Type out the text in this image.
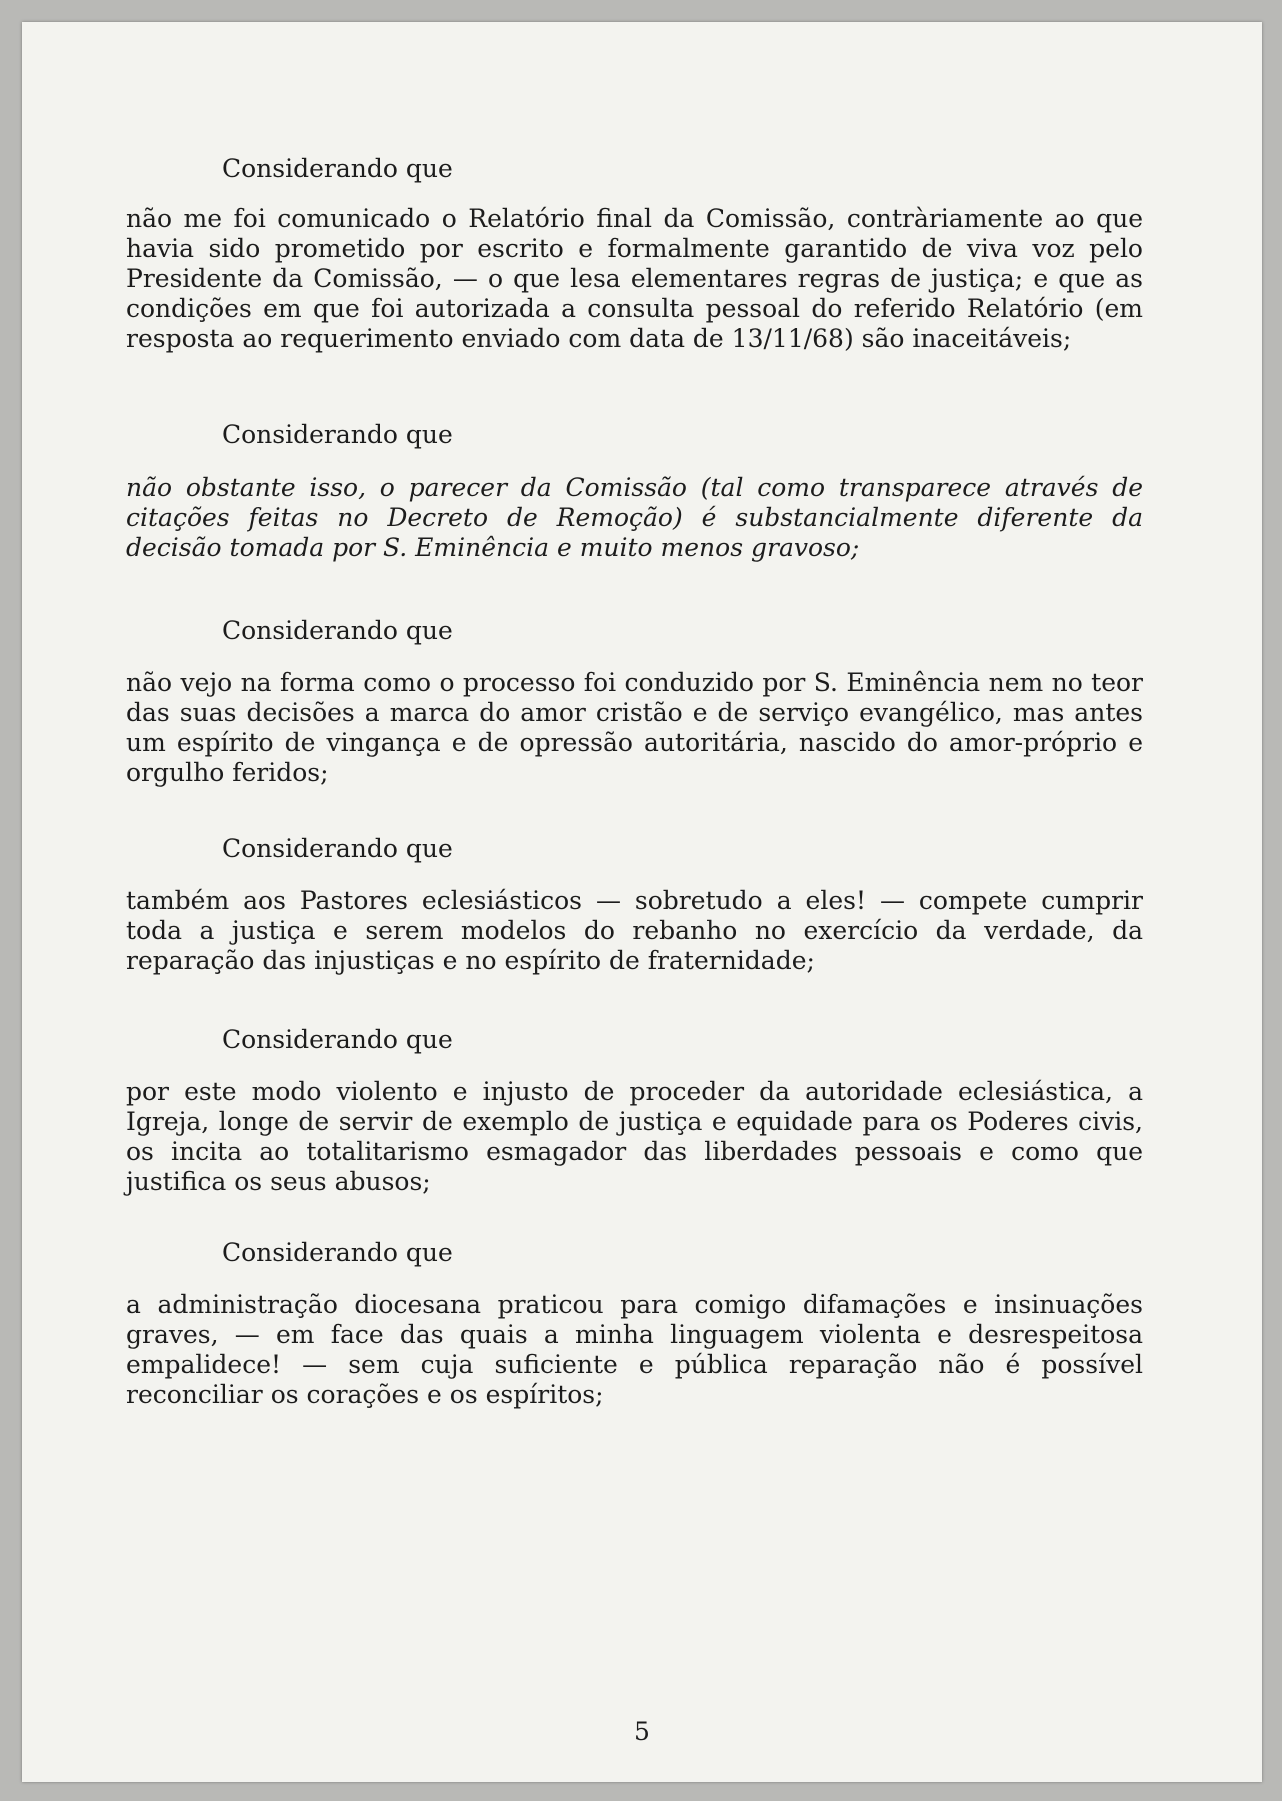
Considerando que
não me foi comunicado o Relatório final da Comissão, contràriamente ao que havia sido prometido por escrito e formalmente garantido de viva voz pelo Presidente da Comissão, — o que lesa elementares regras de justiça; e que as condições em que foi autorizada a consulta pessoal do referido Relatório (em resposta ao requerimento enviado com data de 13/11/68) são inaceitáveis;
Considerando que
não obstante isso, o parecer da Comissão (tal como transparece através de citações feitas no Decreto de Remoção) é substancialmente diferente da decisão tomada por S. Eminência e muito menos gravoso;
Considerando que
não vejo na forma como o processo foi conduzido por S. Eminência nem no teor das suas decisões a marca do amor cristão e de serviço evangélico, mas antes um espírito de vingança e de opressão autoritária, nascido do amor-próprio e orgulho feridos;
Considerando que
também aos Pastores eclesiásticos — sobretudo a eles! — compete cumprir toda a justiça e serem modelos do rebanho no exercício da verdade, da reparação das injustiças e no espírito de fraternidade;
Considerando que
por este modo violento e injusto de proceder da autoridade eclesiástica, a Igreja, longe de servir de exemplo de justiça e equidade para os Poderes civis, os incita ao totalitarismo esmagador das liberdades pessoais e como que justifica os seus abusos;
Considerando que
a administração diocesana praticou para comigo difamações e insinuações graves, — em face das quais a minha linguagem violenta e desrespeitosa empalidece! — sem cuja suficiente e pública reparação não é possível reconciliar os corações e os espíritos;
5
